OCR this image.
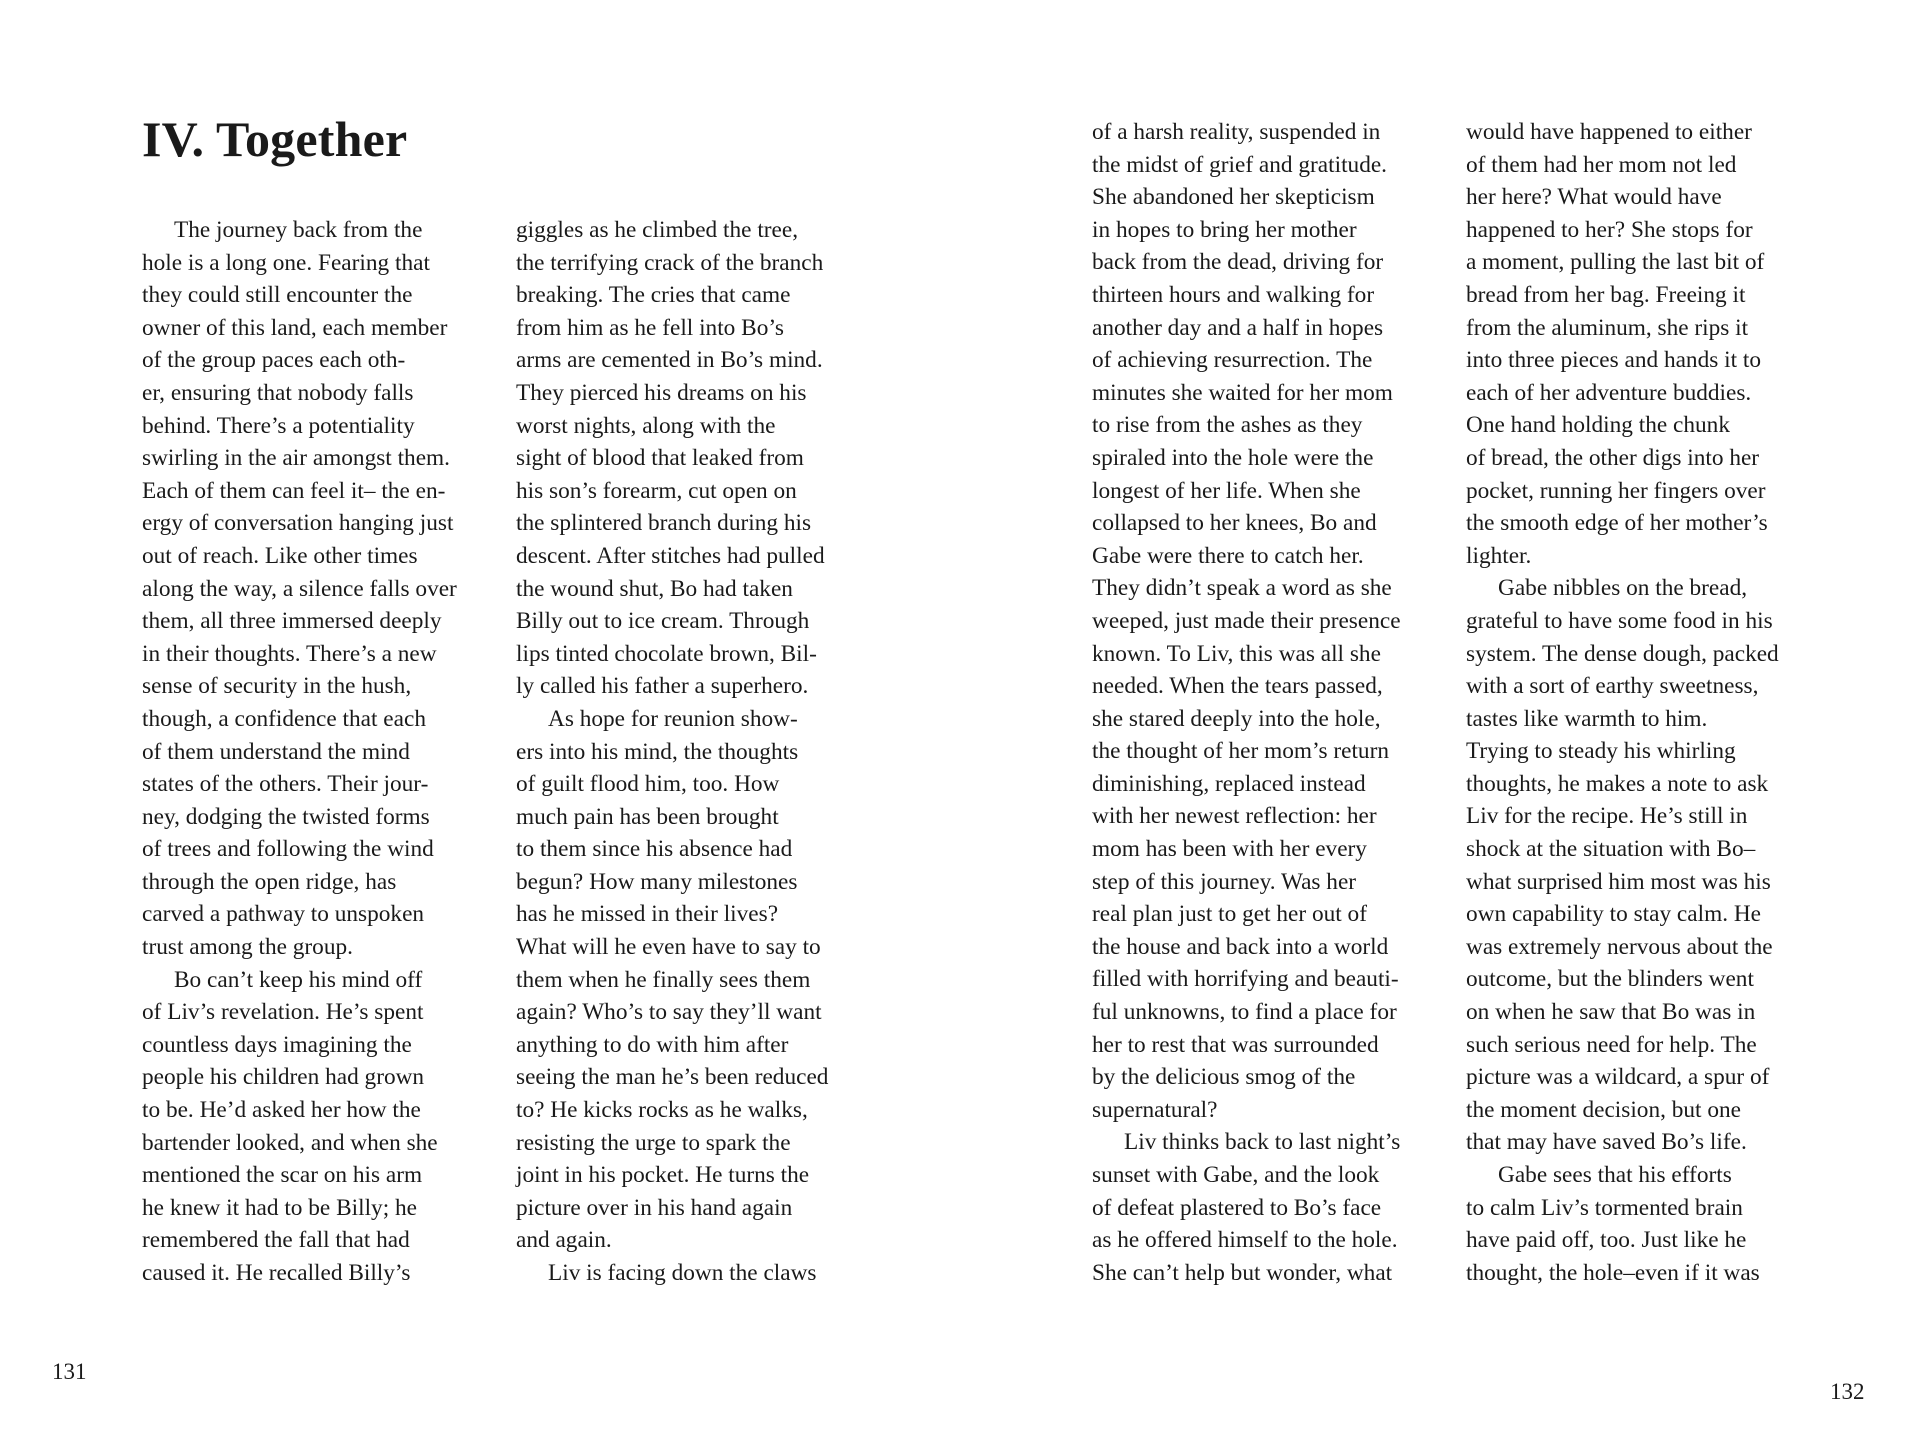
IV. Together
The journey back from the
hole is a long one. Fearing that
they could still encounter the
owner of this land, each member
of the group paces each oth-
er, ensuring that nobody falls
behind. There’s a potentiality
swirling in the air amongst them.
Each of them can feel it– the en-
ergy of conversation hanging just
out of reach. Like other times
along the way, a silence falls over
them, all three immersed deeply
in their thoughts. There’s a new
sense of security in the hush,
though, a confidence that each
of them understand the mind
states of the others. Their jour-
ney, dodging the twisted forms
of trees and following the wind
through the open ridge, has
carved a pathway to unspoken
trust among the group.
Bo can’t keep his mind off
of Liv’s revelation. He’s spent
countless days imagining the
people his children had grown
to be. He’d asked her how the
bartender looked, and when she
mentioned the scar on his arm
he knew it had to be Billy; he
remembered the fall that had
caused it. He recalled Billy’s
giggles as he climbed the tree,
the terrifying crack of the branch
breaking. The cries that came
from him as he fell into Bo’s
arms are cemented in Bo’s mind.
They pierced his dreams on his
worst nights, along with the
sight of blood that leaked from
his son’s forearm, cut open on
the splintered branch during his
descent. After stitches had pulled
the wound shut, Bo had taken
Billy out to ice cream. Through
lips tinted chocolate brown, Bil-
ly called his father a superhero.
As hope for reunion show-
ers into his mind, the thoughts
of guilt flood him, too. How
much pain has been brought
to them since his absence had
begun? How many milestones
has he missed in their lives?
What will he even have to say to
them when he finally sees them
again? Who’s to say they’ll want
anything to do with him after
seeing the man he’s been reduced
to? He kicks rocks as he walks,
resisting the urge to spark the
joint in his pocket. He turns the
picture over in his hand again
and again.
Liv is facing down the claws
131
of a harsh reality, suspended in
the midst of grief and gratitude.
She abandoned her skepticism
in hopes to bring her mother
back from the dead, driving for
thirteen hours and walking for
another day and a half in hopes
of achieving resurrection. The
minutes she waited for her mom
to rise from the ashes as they
spiraled into the hole were the
longest of her life. When she
collapsed to her knees, Bo and
Gabe were there to catch her.
They didn’t speak a word as she
weeped, just made their presence
known. To Liv, this was all she
needed. When the tears passed,
she stared deeply into the hole,
the thought of her mom’s return
diminishing, replaced instead
with her newest reflection: her
mom has been with her every
step of this journey. Was her
real plan just to get her out of
the house and back into a world
filled with horrifying and beauti-
ful unknowns, to find a place for
her to rest that was surrounded
by the delicious smog of the
supernatural?
Liv thinks back to last night’s
sunset with Gabe, and the look
of defeat plastered to Bo’s face
as he offered himself to the hole.
She can’t help but wonder, what
would have happened to either
of them had her mom not led
her here? What would have
happened to her? She stops for
a moment, pulling the last bit of
bread from her bag. Freeing it
from the aluminum, she rips it
into three pieces and hands it to
each of her adventure buddies.
One hand holding the chunk
of bread, the other digs into her
pocket, running her fingers over
the smooth edge of her mother’s
lighter.
Gabe nibbles on the bread,
grateful to have some food in his
system. The dense dough, packed
with a sort of earthy sweetness,
tastes like warmth to him.
Trying to steady his whirling
thoughts, he makes a note to ask
Liv for the recipe. He’s still in
shock at the situation with Bo–
what surprised him most was his
own capability to stay calm. He
was extremely nervous about the
outcome, but the blinders went
on when he saw that Bo was in
such serious need for help. The
picture was a wildcard, a spur of
the moment decision, but one
that may have saved Bo’s life.
Gabe sees that his efforts
to calm Liv’s tormented brain
have paid off, too. Just like he
thought, the hole–even if it was
132
